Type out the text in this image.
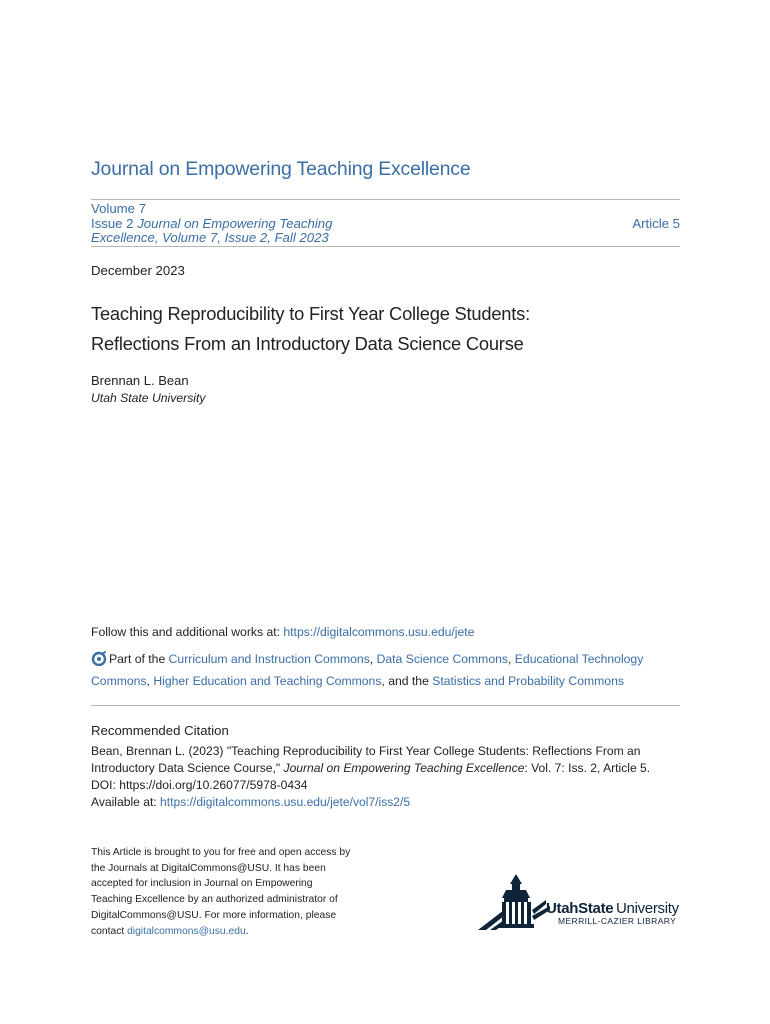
Journal on Empowering Teaching Excellence
Volume 7
Issue 2 Journal on Empowering Teaching
Excellence, Volume 7, Issue 2, Fall 2023
Article 5
December 2023
Teaching Reproducibility to First Year College Students:
Reflections From an Introductory Data Science Course
Brennan L. Bean
Utah State University
Follow this and additional works at: https://digitalcommons.usu.edu/jete
Part of the Curriculum and Instruction Commons, Data Science Commons, Educational Technology
Commons, Higher Education and Teaching Commons, and the Statistics and Probability Commons
Recommended Citation
Bean, Brennan L. (2023) "Teaching Reproducibility to First Year College Students: Reflections From an
Introductory Data Science Course," Journal on Empowering Teaching Excellence: Vol. 7: Iss. 2, Article 5.
DOI: https://doi.org/10.26077/5978-0434
Available at: https://digitalcommons.usu.edu/jete/vol7/iss2/5
This Article is brought to you for free and open access by
the Journals at DigitalCommons@USU. It has been
accepted for inclusion in Journal on Empowering
Teaching Excellence by an authorized administrator of
DigitalCommons@USU. For more information, please
contact digitalcommons@usu.edu.
UtahState University
MERRILL-CAZIER LIBRARY
